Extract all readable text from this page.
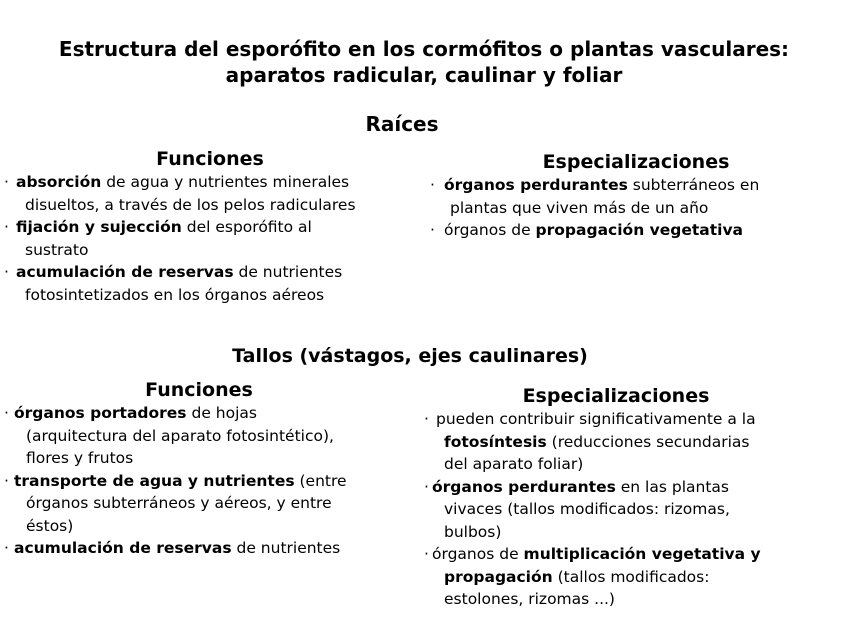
Estructura del esporófito en los cormófitos o plantas vasculares:
aparatos radicular, caulinar y foliar
Raíces
Funciones
· absorción de agua y nutrientes minerales
disueltos, a través de los pelos radiculares
· fijación y sujección del esporófito al
sustrato
· acumulación de reservas de nutrientes
fotosintetizados en los órganos aéreos
Especializaciones
· órganos perdurantes subterráneos en
plantas que viven más de un año
· órganos de propagación vegetativa
Tallos (vástagos, ejes caulinares)
Funciones
· órganos portadores de hojas
(arquitectura del aparato fotosintético),
flores y frutos
· transporte de agua y nutrientes (entre
órganos subterráneos y aéreos, y entre
éstos)
· acumulación de reservas de nutrientes
Especializaciones
· pueden contribuir significativamente a la
fotosíntesis (reducciones secundarias
del aparato foliar)
· órganos perdurantes en las plantas
vivaces (tallos modificados: rizomas,
bulbos)
· órganos de multiplicación vegetativa y
propagación (tallos modificados:
estolones, rizomas ...)
